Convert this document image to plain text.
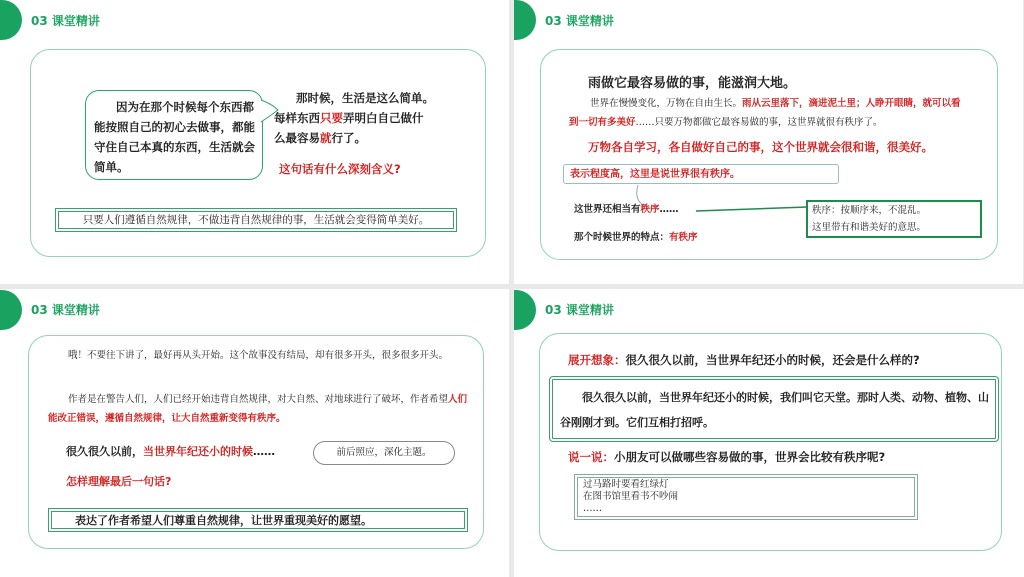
03 课堂精讲
因为在那个时候每个东西都能按照自己的初心去做事，都能守住自己本真的东西，生活就会简单。
那时候，生活是这么简单。每样东西只要弄明白自己做什么最容易就行了。
这句话有什么深刻含义?
只要人们遵循自然规律，不做违背自然规律的事，生活就会变得简单美好。
03 课堂精讲
雨做它最容易做的事，能滋润大地。
世界在慢慢变化，万物在自由生长。雨从云里落下，滴进泥土里；人睁开眼睛，就可以看到一切有多美好……只要万物都做它最容易做的事，这世界就很有秩序了。
万物各自学习，各自做好自己的事，这个世界就会很和谐，很美好。
表示程度高，这里是说世界很有秩序。
这世界还相当有秩序……
那个时候世界的特点：有秩序
秩序：按顺序来，不混乱。
这里带有和谐美好的意思。
03 课堂精讲
哦！不要往下讲了，最好再从头开始。这个故事没有结局，却有很多开头，很多很多开头。
作者是在警告人们，人们已经开始违背自然规律，对大自然、对地球进行了破坏，作者希望人们能改正错误，遵循自然规律，让大自然重新变得有秩序。
很久很久以前，当世界年纪还小的时候……	前后照应，深化主题。
怎样理解最后一句话?
表达了作者希望人们尊重自然规律，让世界重现美好的愿望。
03 课堂精讲
展开想象：很久很久以前，当世界年纪还小的时候，还会是什么样的?
很久很久以前，当世界年纪还小的时候，我们叫它天堂。那时人类、动物、植物、山谷刚刚才到。它们互相打招呼。
说一说：小朋友可以做哪些容易做的事，世界会比较有秩序呢?
过马路时要看红绿灯
在图书馆里看书不吵闹
……
